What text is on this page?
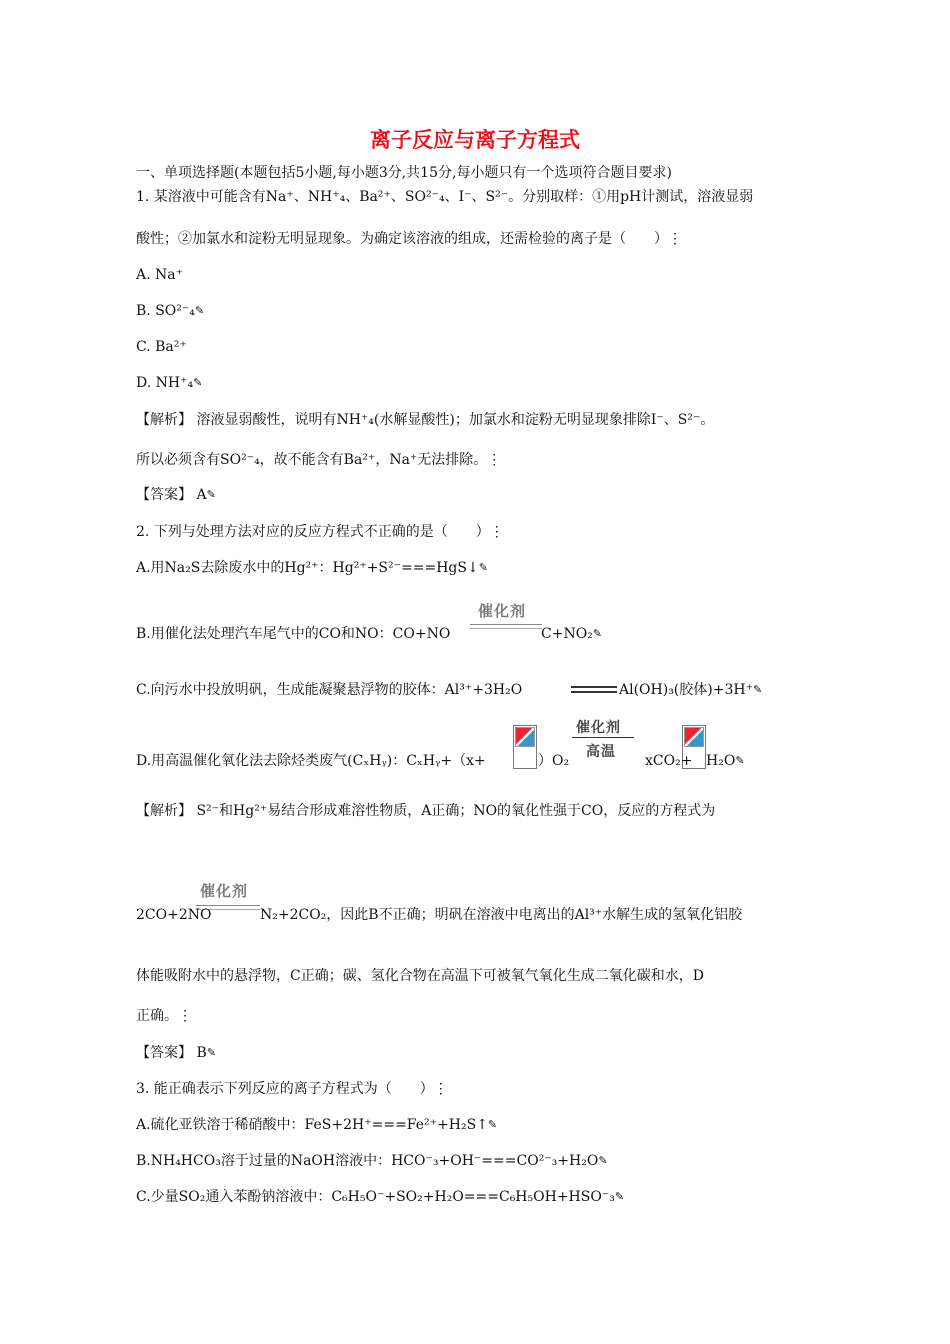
离子反应与离子方程式
一、单项选择题(本题包括5小题,每小题3分,共15分,每小题只有一个选项符合题目要求)
1. 某溶液中可能含有Na⁺、NH⁺₄、Ba²⁺、SO²⁻₄、I⁻、S²⁻。分别取样：①用pH计测试，溶液显弱
酸性；②加氯水和淀粉无明显现象。为确定该溶液的组成，还需检验的离子是（　　）⋮
A. Na⁺
B. SO²⁻₄✎
C. Ba²⁺
D. NH⁺₄✎
【解析】 溶液显弱酸性，说明有NH⁺₄(水解显酸性)；加氯水和淀粉无明显现象排除I⁻、S²⁻。
所以必须含有SO²⁻₄，故不能含有Ba²⁺，Na⁺无法排除。⋮
【答案】 A✎
2. 下列与处理方法对应的反应方程式不正确的是（　　）⋮
A.用Na₂S去除废水中的Hg²⁺：Hg²⁺+S²⁻===HgS↓✎
催化剂
B.用催化法处理汽车尾气中的CO和NO：CO+NO	C+NO₂✎
C.向污水中投放明矾，生成能凝聚悬浮物的胶体：Al³⁺+3H₂O	Al(OH)₃(胶体)+3H⁺✎
催化剂
高温
D.用高温催化氧化法去除烃类废气(CₓHᵧ)：CₓHᵧ+（x+	）O₂	xCO₂+ H₂O✎
【解析】 S²⁻和Hg²⁺易结合形成难溶性物质，A正确；NO的氧化性强于CO，反应的方程式为
催化剂
2CO+2NO	N₂+2CO₂，因此B不正确；明矾在溶液中电离出的Al³⁺水解生成的氢氧化铝胶
体能吸附水中的悬浮物，C正确；碳、氢化合物在高温下可被氧气氧化生成二氧化碳和水，D
正确。⋮
【答案】 B✎
3. 能正确表示下列反应的离子方程式为（　　）⋮
A.硫化亚铁溶于稀硝酸中：FeS+2H⁺===Fe²⁺+H₂S↑✎
B.NH₄HCO₃溶于过量的NaOH溶液中：HCO⁻₃+OH⁻===CO²⁻₃+H₂O✎
C.少量SO₂通入苯酚钠溶液中：C₆H₅O⁻+SO₂+H₂O===C₆H₅OH+HSO⁻₃✎
